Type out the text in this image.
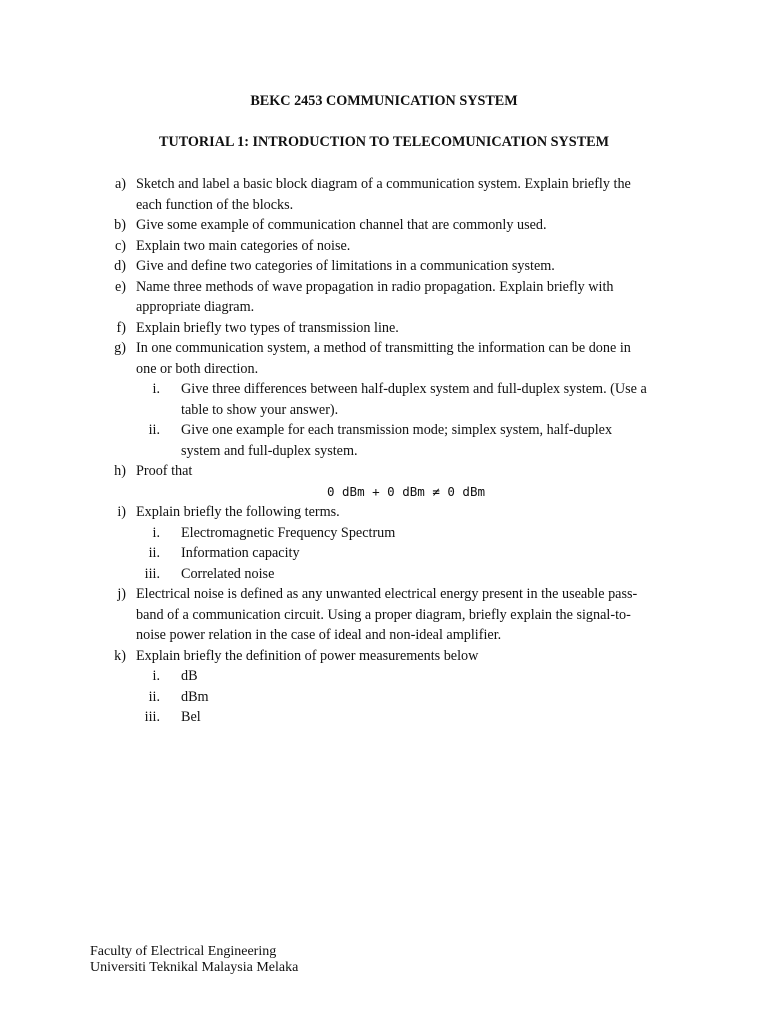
BEKC 2453 COMMUNICATION SYSTEM
TUTORIAL 1: INTRODUCTION TO TELECOMUNICATION SYSTEM
a) Sketch and label a basic block diagram of a communication system. Explain briefly the
each function of the blocks.
b) Give some example of communication channel that are commonly used.
c) Explain two main categories of noise.
d) Give and define two categories of limitations in a communication system.
e) Name three methods of wave propagation in radio propagation. Explain briefly with
appropriate diagram.
f) Explain briefly two types of transmission line.
g) In one communication system, a method of transmitting the information can be done in
one or both direction.
i. Give three differences between half-duplex system and full-duplex system. (Use a
table to show your answer).
ii. Give one example for each transmission mode; simplex system, half-duplex
system and full-duplex system.
h) Proof that
0 dBm + 0 dBm ≠ 0 dBm
i) Explain briefly the following terms.
i. Electromagnetic Frequency Spectrum
ii. Information capacity
iii. Correlated noise
j) Electrical noise is defined as any unwanted electrical energy present in the useable pass-
band of a communication circuit. Using a proper diagram, briefly explain the signal-to-
noise power relation in the case of ideal and non-ideal amplifier.
k) Explain briefly the definition of power measurements below
i. dB
ii. dBm
iii. Bel
Faculty of Electrical Engineering
Universiti Teknikal Malaysia Melaka
